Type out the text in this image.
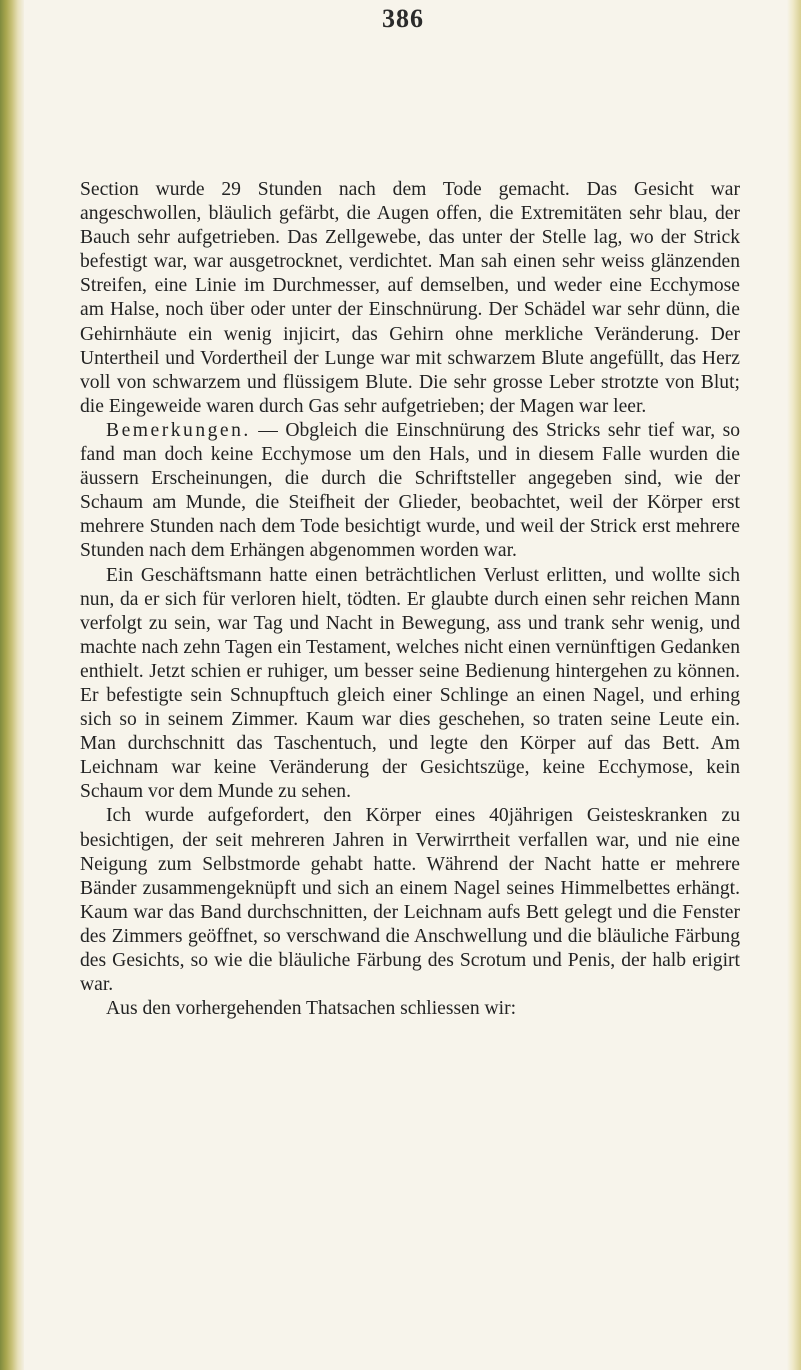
386

Section wurde 29 Stunden nach dem Tode gemacht. Das Gesicht war angeschwollen, bläulich gefärbt, die Augen offen, die Extremitäten sehr blau, der Bauch sehr aufgetrieben. Das Zellgewebe, das unter der Stelle lag, wo der Strick befestigt war, war ausgetrocknet, verdichtet. Man sah einen sehr weiss glänzenden Streifen, eine Linie im Durchmesser, auf demselben, und weder eine Ecchymose am Halse, noch über oder unter der Einschnürung. Der Schädel war sehr dünn, die Gehirnhäute ein wenig injicirt, das Gehirn ohne merkliche Veränderung. Der Untertheil und Vordertheil der Lunge war mit schwarzem Blute angefüllt, das Herz voll von schwarzem und flüssigem Blute. Die sehr grosse Leber strotzte von Blut; die Eingeweide waren durch Gas sehr aufgetrieben; der Magen war leer.

Bemerkungen. — Obgleich die Einschnürung des Stricks sehr tief war, so fand man doch keine Ecchymose um den Hals, und in diesem Falle wurden die äussern Erscheinungen, die durch die Schriftsteller angegeben sind, wie der Schaum am Munde, die Steifheit der Glieder, beobachtet, weil der Körper erst mehrere Stunden nach dem Tode besichtigt wurde, und weil der Strick erst mehrere Stunden nach dem Erhängen abgenommen worden war.

Ein Geschäftsmann hatte einen beträchtlichen Verlust erlitten, und wollte sich nun, da er sich für verloren hielt, tödten. Er glaubte durch einen sehr reichen Mann verfolgt zu sein, war Tag und Nacht in Bewegung, ass und trank sehr wenig, und machte nach zehn Tagen ein Testament, welches nicht einen vernünftigen Gedanken enthielt. Jetzt schien er ruhiger, um besser seine Bedienung hintergehen zu können. Er befestigte sein Schnupftuch gleich einer Schlinge an einen Nagel, und erhing sich so in seinem Zimmer. Kaum war dies geschehen, so traten seine Leute ein. Man durchschnitt das Taschentuch, und legte den Körper auf das Bett. Am Leichnam war keine Veränderung der Gesichtszüge, keine Ecchymose, kein Schaum vor dem Munde zu sehen.

Ich wurde aufgefordert, den Körper eines 40jährigen Geisteskranken zu besichtigen, der seit mehreren Jahren in Verwirrtheit verfallen war, und nie eine Neigung zum Selbstmorde gehabt hatte. Während der Nacht hatte er mehrere Bänder zusammengeknüpft und sich an einem Nagel seines Himmelbettes erhängt. Kaum war das Band durchschnitten, der Leichnam aufs Bett gelegt und die Fenster des Zimmers geöffnet, so verschwand die Anschwellung und die bläuliche Färbung des Gesichts, so wie die bläuliche Färbung des Scrotum und Penis, der halb erigirt war.

Aus den vorhergehenden Thatsachen schliessen wir:
